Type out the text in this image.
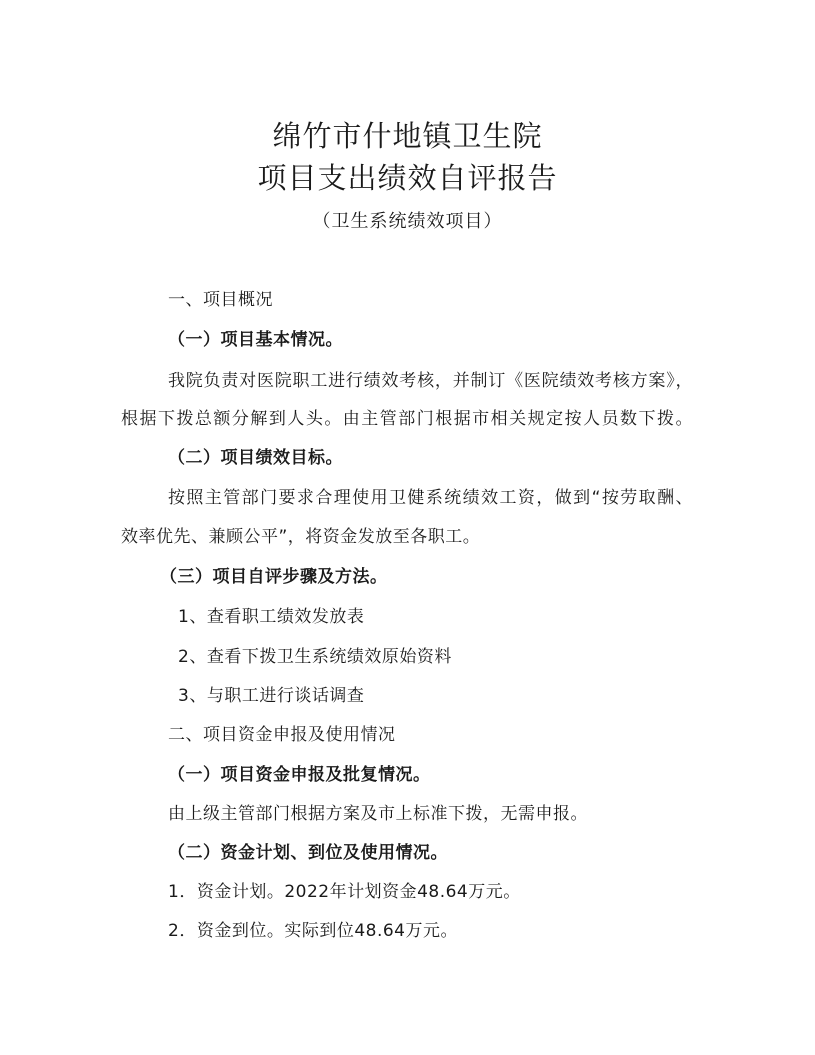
绵竹市什地镇卫生院
项目支出绩效自评报告
（卫生系统绩效项目）
一、项目概况
（一）项目基本情况。
我院负责对医院职工进行绩效考核，并制订《医院绩效考核方案》，
根据下拨总额分解到人头。由主管部门根据市相关规定按人员数下拨。
（二）项目绩效目标。
按照主管部门要求合理使用卫健系统绩效工资，做到“按劳取酬、
效率优先、兼顾公平”，将资金发放至各职工。
（三）项目自评步骤及方法。
1、查看职工绩效发放表
2、查看下拨卫生系统绩效原始资料
3、与职工进行谈话调查
二、项目资金申报及使用情况
（一）项目资金申报及批复情况。
由上级主管部门根据方案及市上标准下拨，无需申报。
（二）资金计划、到位及使用情况。
1．资金计划。2022年计划资金48.64万元。
2．资金到位。实际到位48.64万元。
